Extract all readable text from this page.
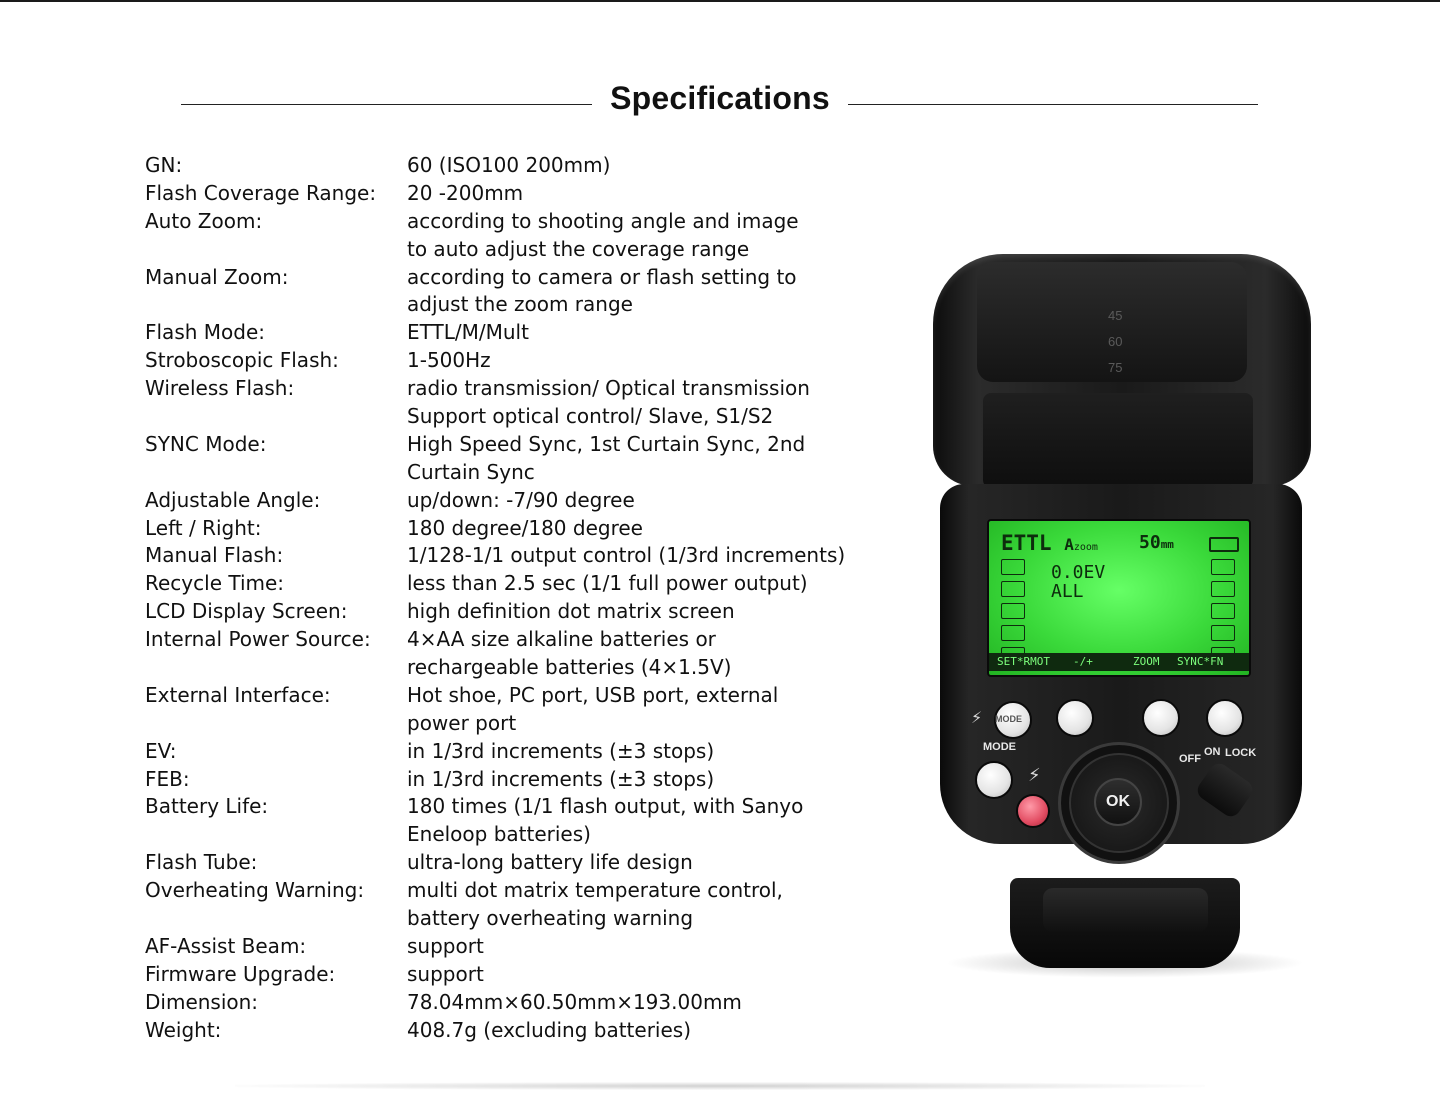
Specifications
GN:	60 (ISO100 200mm)
Flash Coverage Range: 20 -200mm
Auto Zoom:	according to shooting angle and image
to auto adjust the coverage range
Manual Zoom:	according to camera or flash setting to
adjust the zoom range
Flash Mode:	ETTL/M/Mult
Stroboscopic Flash:	1-500Hz
Wireless Flash:	radio transmission/ Optical transmission
Support optical control/ Slave, S1/S2
SYNC Mode:	High Speed Sync, 1st Curtain Sync, 2nd
Curtain Sync
Adjustable Angle:	up/down: -7/90 degree
Left / Right:	180 degree/180 degree
Manual Flash:	1/128-1/1 output control (1/3rd increments)
Recycle Time:	less than 2.5 sec (1/1 full power output)
LCD Display Screen:	high definition dot matrix screen
Internal Power Source: 4×AA size alkaline batteries or
rechargeable batteries (4×1.5V)
External Interface:	Hot shoe, PC port, USB port, external
power port
EV:	in 1/3rd increments (±3 stops)
FEB:	in 1/3rd increments (±3 stops)
Battery Life:	180 times (1/1 flash output, with Sanyo
Eneloop batteries)
Flash Tube:	ultra-long battery life design
Overheating Warning: multi dot matrix temperature control,
battery overheating warning
AF-Assist Beam:	support
Firmware Upgrade:	support
Dimension:	78.04mm×60.50mm×193.00mm
Weight:	408.7g (excluding batteries)
45
60
75
ETTL Azoom 50mm
0.0EV
ALL
SET*RMOT -/+	ZOOM SYNC*FN
MODE
⚡
MODE
⚡
OK
OFF
ON LOCK
